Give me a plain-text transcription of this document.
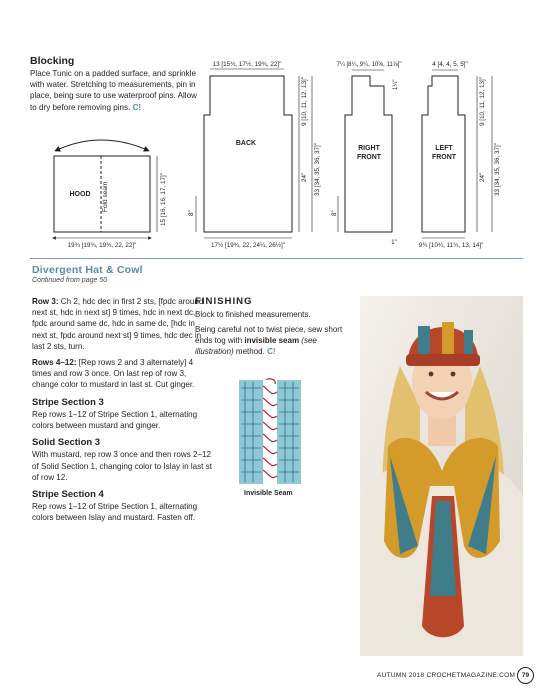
Blocking
Place Tunic on a padded surface, and sprinkle with water. Stretching to measurements, pin in place, being sure to use waterproof pins. Allow to dry before removing pins. C!
HOOD Fold seam
19¾ [19¾, 19¾, 22, 22]"
15 [16, 16, 17, 17]"
13 [15¾, 17½, 19¾, 22]"
BACK
17½ [19¾, 22, 24¼, 26½]"
9 [10, 11, 12, 13]"
24" 33 [34, 35, 36, 37]"
8"
7¼ [8¼, 9¼, 10⅝, 11⅞]"
RIGHT
FRONT
1¼"
8"
1"
4 [4, 4, 5, 5]"
LEFT
FRONT
9 [10, 11, 12, 13]"
24" 33 [34, 35, 36, 37]"
9¾ [10¾, 11¾, 13, 14]"
Divergent Hat & Cowl
Continued from page 50

Row 3: Ch 2, hdc dec in first 2 sts, [fpdc around next st, hdc in next st] 9 times, hdc in next dc, fpdc around same dc, hdc in same dc, [hdc in next st, fpdc around next st] 9 times, hdc dec in last 2 sts, turn.

Rows 4–12: [Rep rows 2 and 3 alternately] 4 times and row 3 once. On last rep of row 3, change color to mustard in last st. Cut ginger.

Stripe Section 3

Rep rows 1–12 of Stripe Section 1, alternating colors between mustard and ginger.

Solid Section 3

With mustard, rep row 3 once and then rows 2–12 of Solid Section 1, changing color to Islay in last st of row 12.

Stripe Section 4

Rep rows 1–12 of Stripe Section 1, alternating colors between Islay and mustard. Fasten off.

FINISHING

Block to finished measurements.

Being careful not to twist piece, sew short ends tog with invisible seam (see illustration) method. C!

Invisible Seam
AUTUMN 2018 CROCHETMAGAZINE.COM	79
